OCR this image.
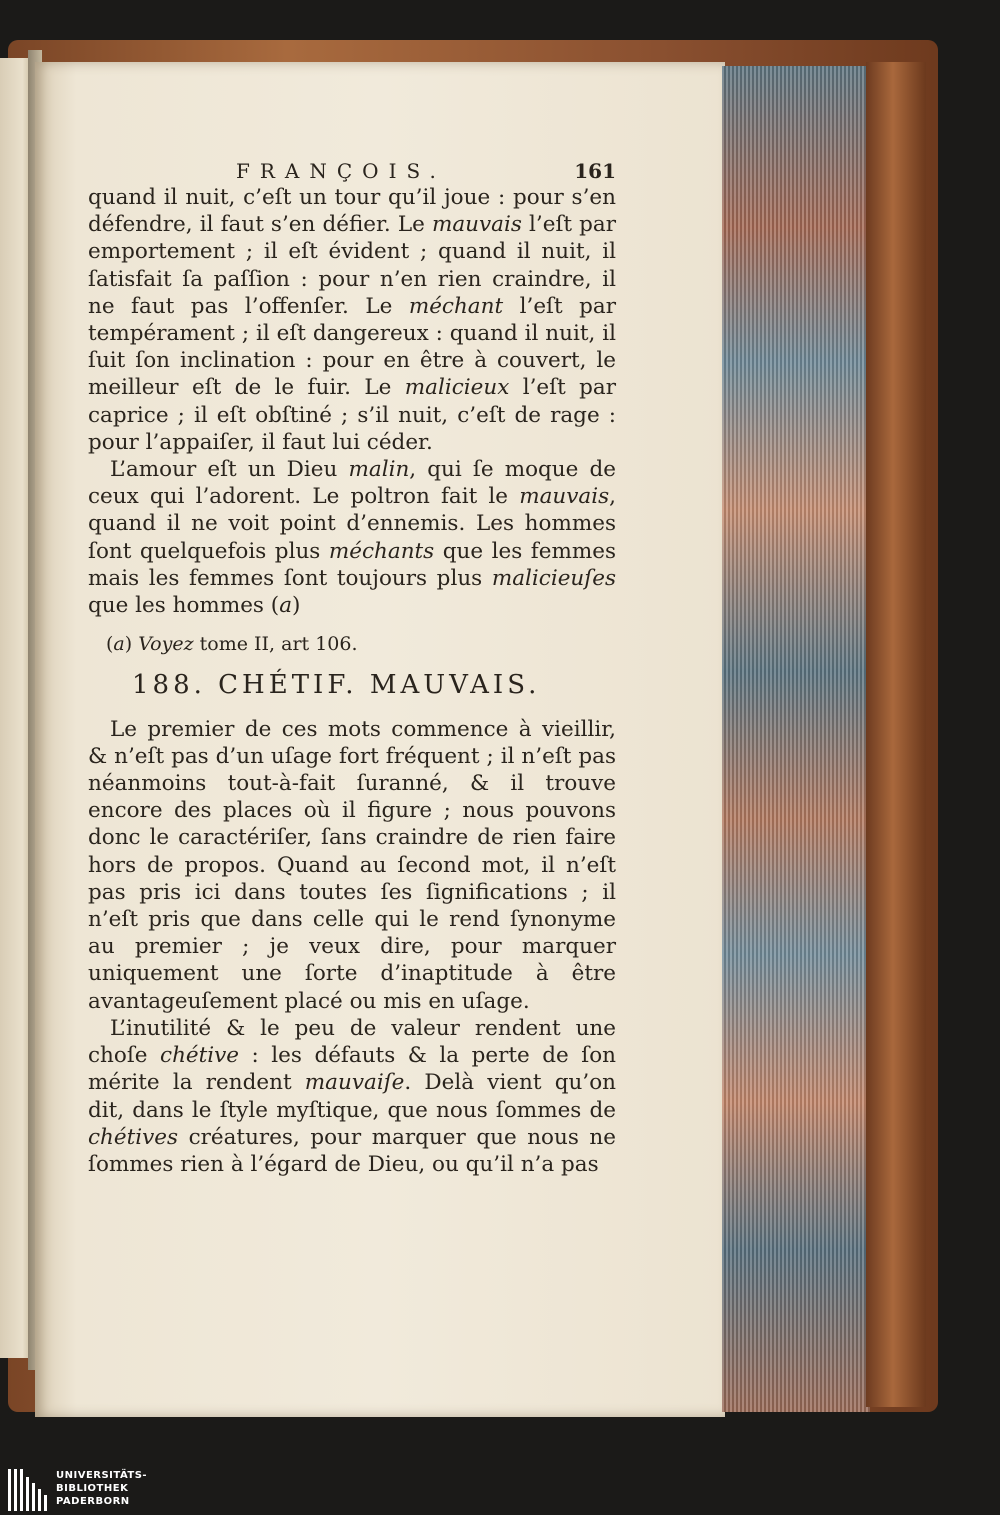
FRANÇOIS.	161

quand il nuit, c’eſt un tour qu’il joue : pour s’en défendre, il faut s’en défier. Le mauvais l’eſt par emportement ; il eſt évident ; quand il nuit, il ſatisfait ſa paſſion : pour n’en rien craindre, il ne faut pas l’offenſer. Le méchant l’eſt par tempérament ; il eſt dangereux : quand il nuit, il ſuit ſon inclination : pour en être à couvert, le meilleur eſt de le fuir. Le malicieux l’eſt par caprice ; il eſt obſtiné ; s’il nuit, c’eſt de rage : pour l’appaiſer, il faut lui céder.

L’amour eſt un Dieu malin, qui ſe moque de ceux qui l’adorent. Le poltron fait le mauvais, quand il ne voit point d’ennemis. Les hommes ſont quelquefois plus méchants que les femmes mais les femmes ſont toujours plus malicieuſes que les hommes (a)

(a) Voyez tome II, art 106.

188. CHÉTIF. MAUVAIS.

Le premier de ces mots commence à vieillir, & n’eſt pas d’un uſage fort fréquent ; il n’eſt pas néanmoins tout-à-fait ſuranné, & il trouve encore des places où il figure ; nous pouvons donc le caractériſer, ſans craindre de rien faire hors de propos. Quand au ſecond mot, il n’eſt pas pris ici dans toutes ſes ſignifications ; il n’eſt pris que dans celle qui le rend ſynonyme au premier ; je veux dire, pour marquer uniquement une ſorte d’inaptitude à être avantageuſement placé ou mis en uſage.

L’inutilité & le peu de valeur rendent une choſe chétive : les défauts & la perte de ſon mérite la rendent mauvaiſe. Delà vient qu’on dit, dans le ſtyle myſtique, que nous ſommes de chétives créatures, pour marquer que nous ne ſommes rien à l’égard de Dieu, ou qu’il n’a pas

UNIVERSITÄTS-
BIBLIOTHEK
PADERBORN
